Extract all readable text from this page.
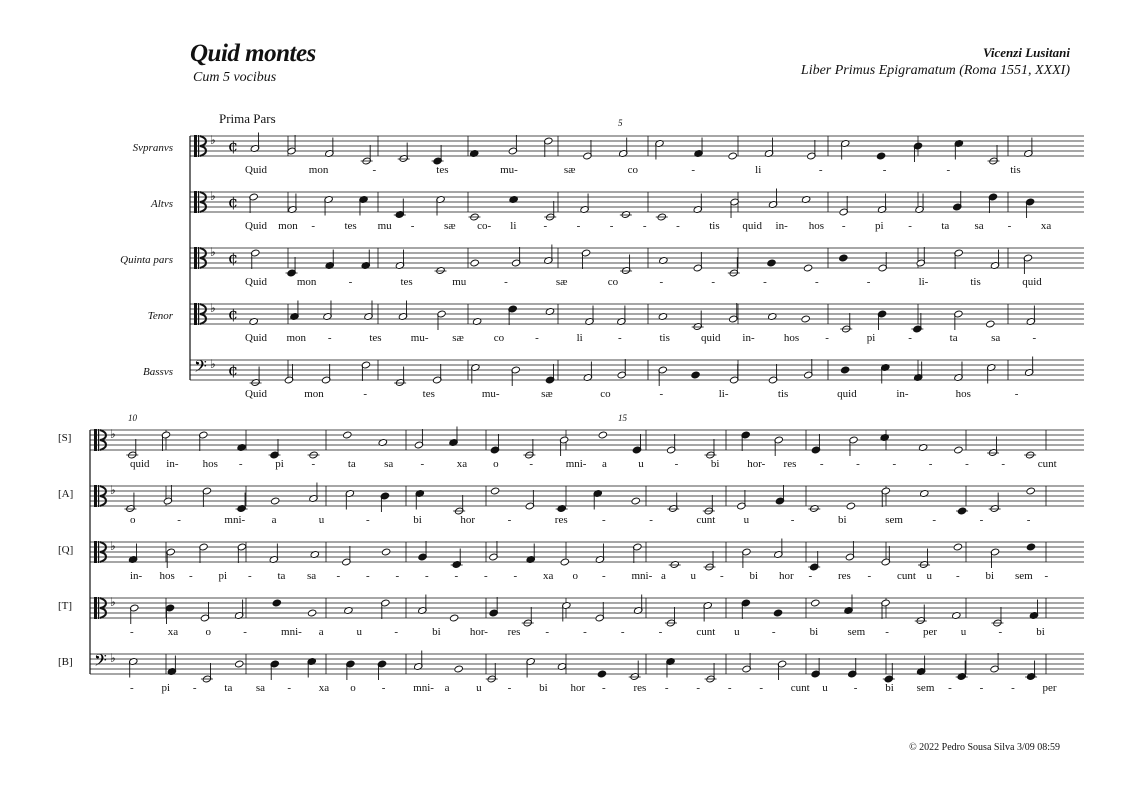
Quid montes
Cum 5 vocibus
Vicenzi Lusitani
Liber Primus Epigramatum (Roma 1551, XXXI)
Prima Pars	5
10	15
Svpranvs
Altvs
Quinta pars
Tenor
Bassvs
[S]
[A]
[Q]
[T]
[B]
♭ ¢
♭ ¢
♭ ¢
♭ ¢
𝄢 ♭ ¢
♭
♭
♭
♭
𝄢 ♭
Quid	mon	-	tes	mu-	sæ	co	-	li	-	-	-	tis
Quid mon -	tes mu -	sæ co- li -	-	-	-	-	tis quid in- hos -	pi -	ta sa -	xa
Quid	mon	-	tes	mu	-	sæ	co	-	-	-	-	-	li-	tis	quid
Quid mon -	tes	mu- sæ	co	-	li	-	tis	quid in-	hos -	pi	-	ta	sa	-
Quid	mon	-	tes	mu-	sæ	co	-	li-	tis	quid	in-	hos	-
quid in- hos -	pi	-	ta	sa -	xa o	-	mni- a	u	-	bi	hor- res -	-	-	-	-	-	cunt
o	-	mni- a	u	-	bi	hor	-	res	-	-	cunt	u	-	bi	sem	-	-	-
in- hos - pi - ta sa - - - - - - - xa o - mni- a u - bi hor - res - cunt u - bi sem -
-	xa o	-	mni- a	u	-	bi	hor- res -	-	-	-	cunt u	-	bi	sem -	per u	-	bi
-	pi -	ta sa -	xa o -	mni- a u -	bi hor -	res -	-	-	-	cunt u -	bi sem -	-	-	per
© 2022 Pedro Sousa Silva 3/09 08:59
